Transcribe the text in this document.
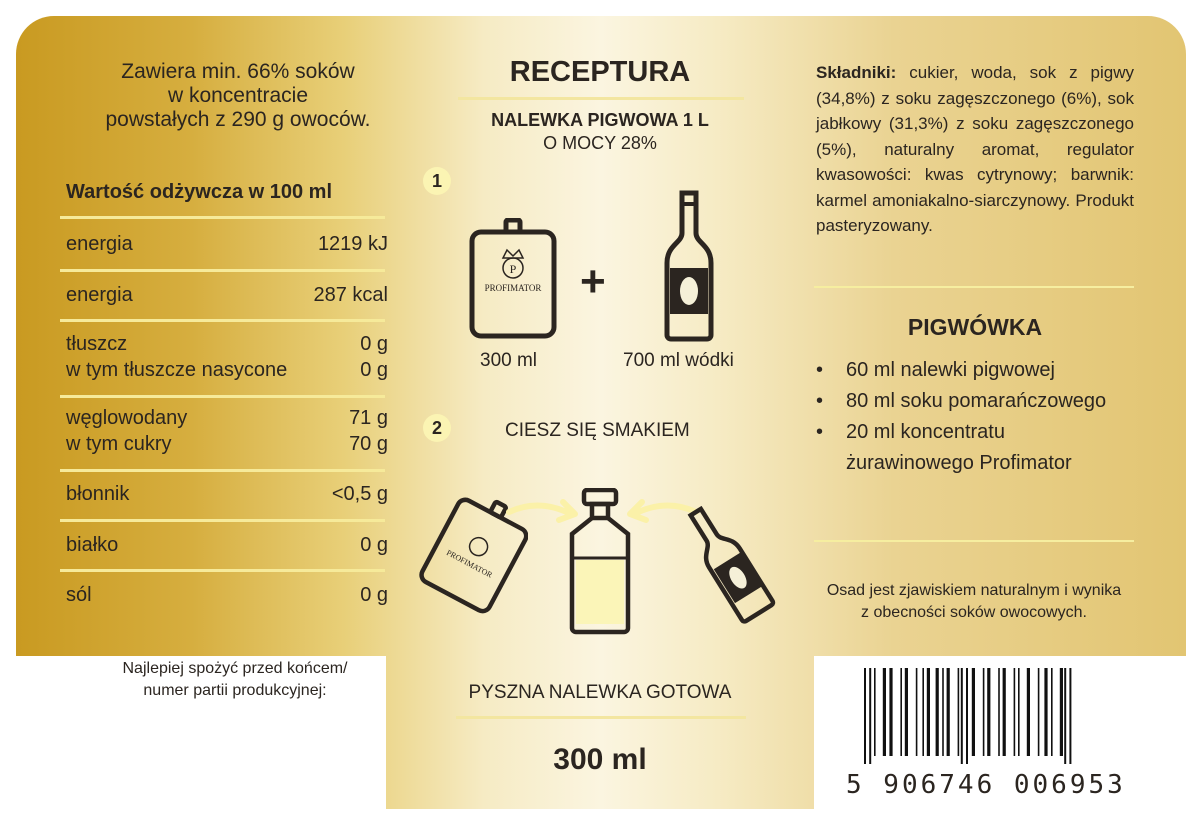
Zawiera min. 66% soków
w koncentracie
powstałych z 290 g owoców.
Wartość odżywcza w 100 ml
energia	1219 kJ
energia	287 kcal
tłuszcz	0 g
w tym tłuszcze nasycone	0 g
węglowodany	71 g
w tym cukry	70 g
błonnik	<0,5 g
białko	0 g
sól	0 g
RECEPTURA
NALEWKA PIGWOWA 1 L
O MOCY 28%
1
P
PROFIMATOR +
300 ml	700 ml wódki
2	CIESZ SIĘ SMAKIEM
PROFIMATOR
PYSZNA NALEWKA GOTOWA
300 ml
Składniki: cukier, woda, sok z pigwy (34,8%) z soku zagęszczonego (6%), sok jabłkowy (31,3%) z soku zagęszczonego (5%), naturalny aromat, regulator kwasowości: kwas cytrynowy; barwnik: karmel amoniakalno-siarczynowy. Produkt pasteryzowany.
PIGWÓWKA
• 60 ml nalewki pigwowej
• 80 ml soku pomarańczowego
• 20 ml koncentratu żurawinowego Profimator
Osad jest zjawiskiem naturalnym i wynika
z obecności soków owocowych.
Najlepiej spożyć przed końcem/
numer partii produkcyjnej:
5 906746 006953
